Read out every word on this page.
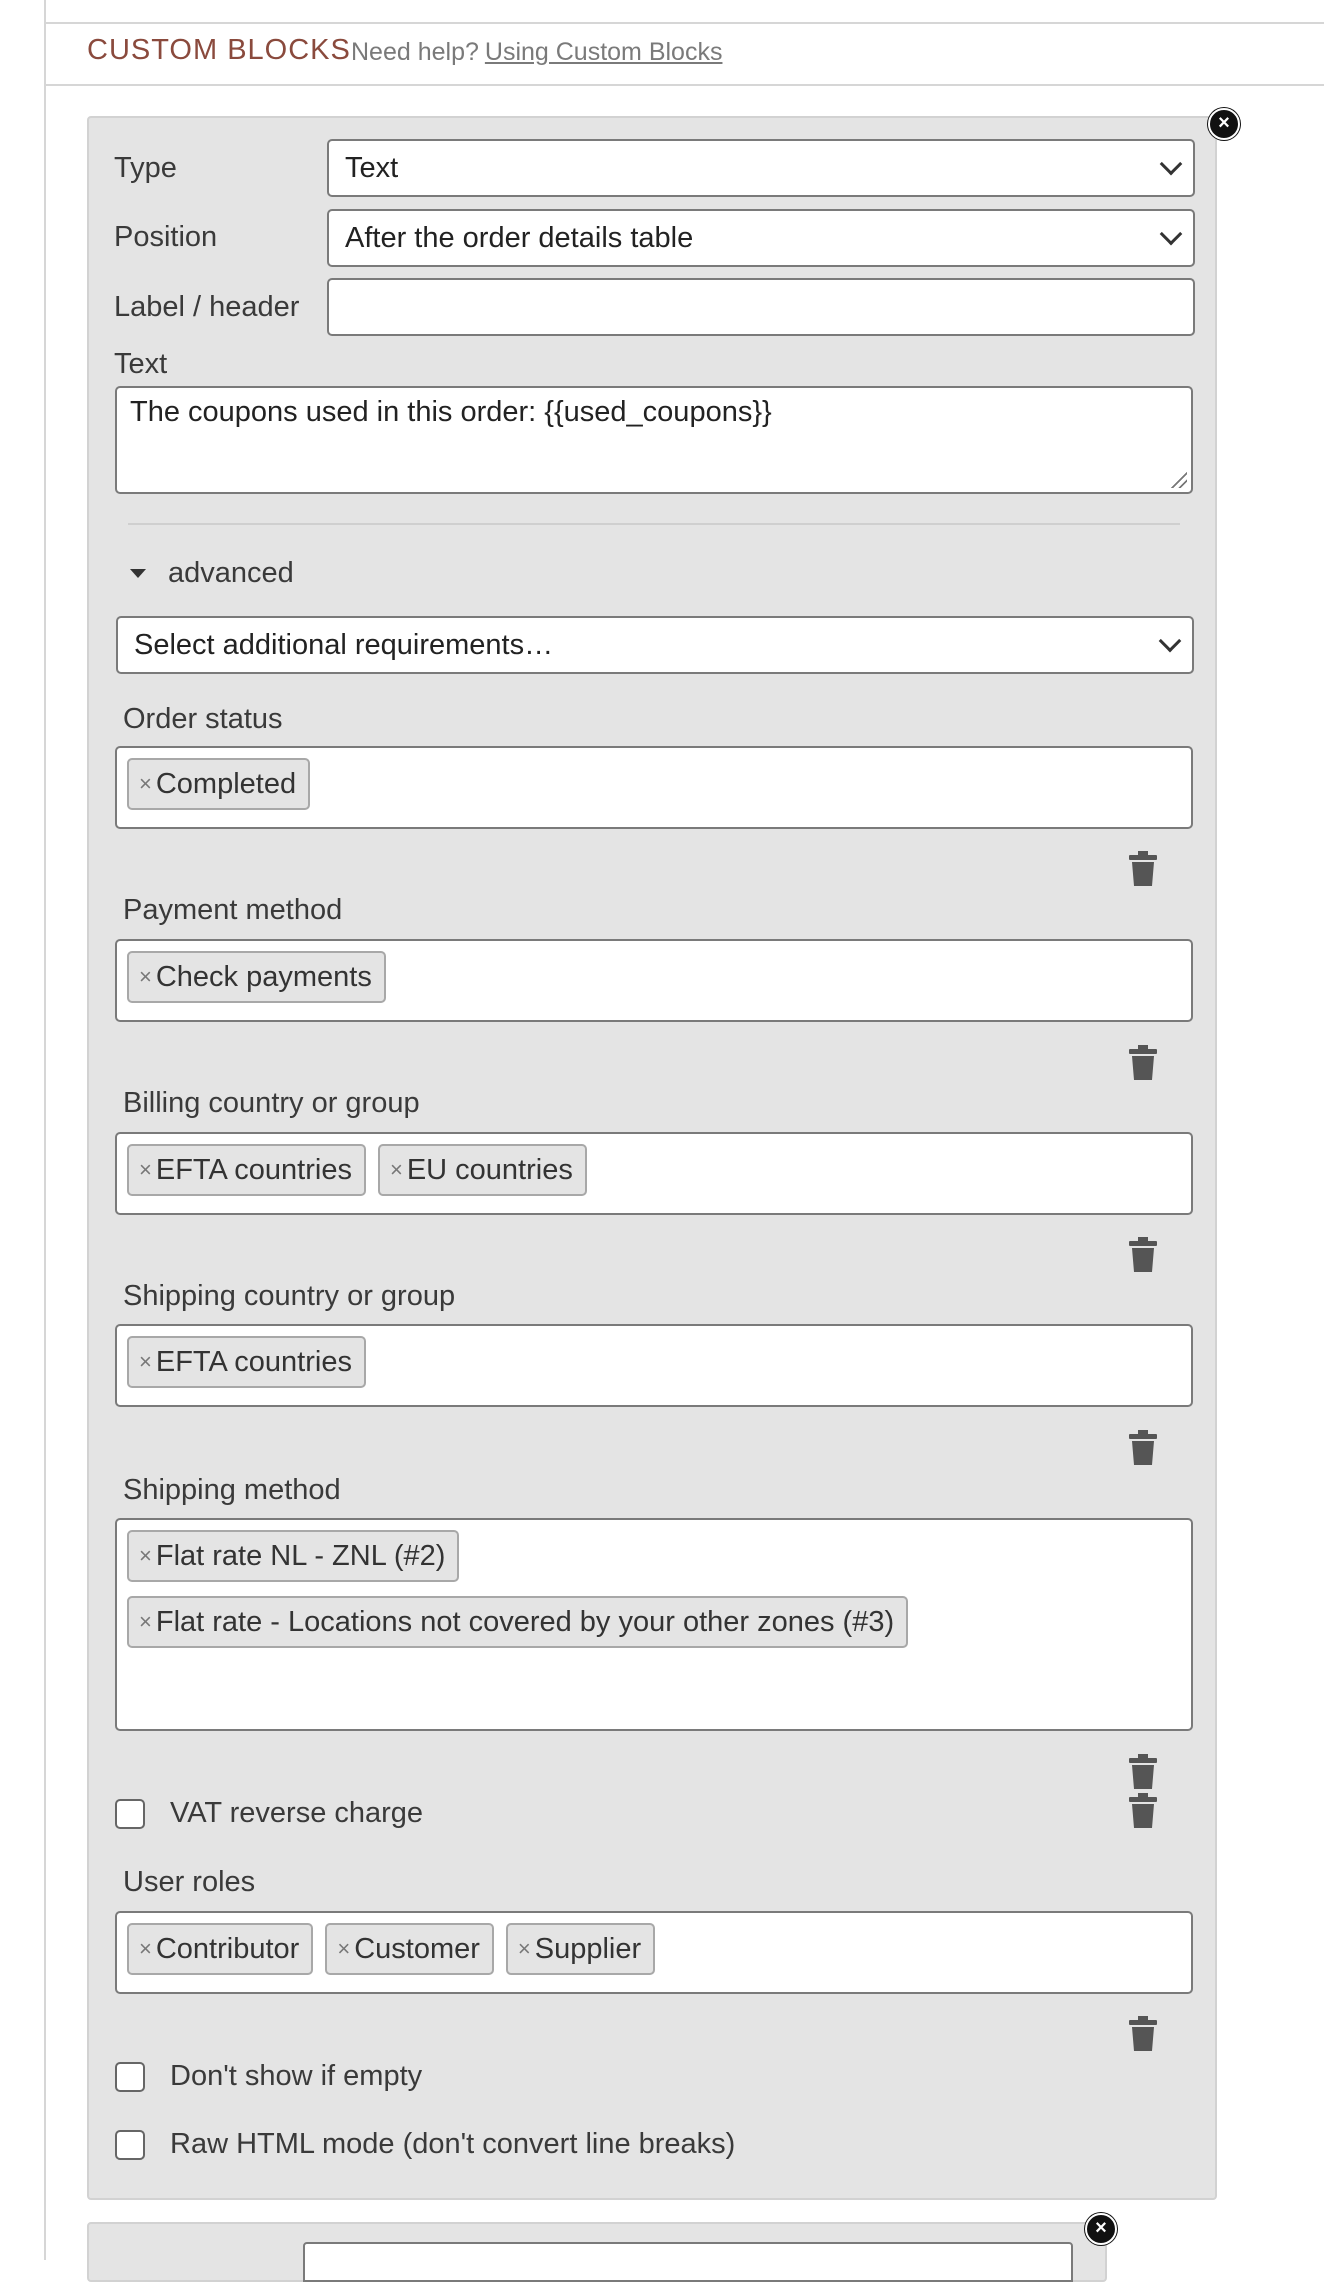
CUSTOM BLOCKS Need help? Using Custom Blocks
×
Type	Text
Position	After the order details table
Label / header
Text
The coupons used in this order: {{used_coupons}}
advanced
Select additional requirements…
Order status
× Completed
Payment method
× Check payments
Billing country or group
× EFTA countries × EU countries
Shipping country or group
× EFTA countries
Shipping method
× Flat rate NL - ZNL (#2)
× Flat rate - Locations not covered by your other zones (#3)
VAT reverse charge
User roles
× Contributor × Customer × Supplier
Don't show if empty
Raw HTML mode (don't convert line breaks)
×
